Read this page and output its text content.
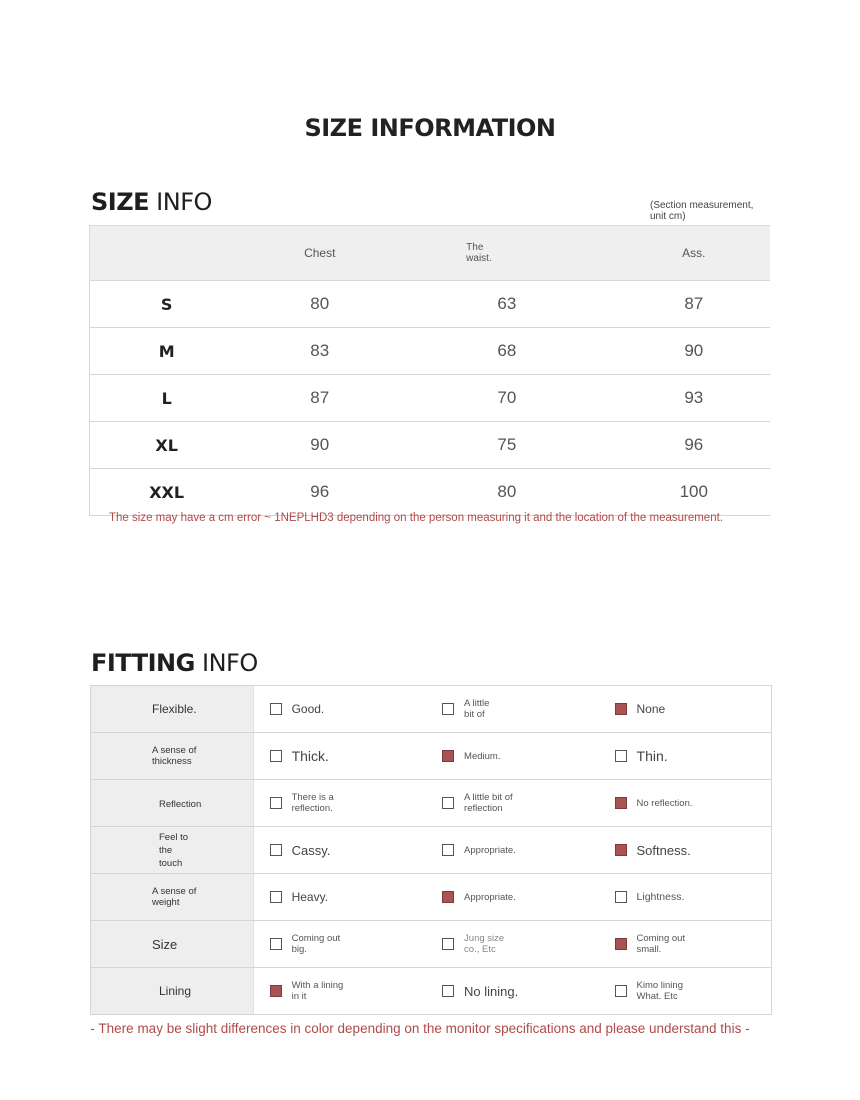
SIZE INFORMATION
SIZE INFO	(Section measurement, unit cm)
	Chest	The waist.	Ass.
S	80	63	87
M	83	68	90
L	87	70	93
XL	90	75	96
XXL	96	80	100
The size may have a cm error ~ 1NEPLHD3 depending on the person measuring it and the location of the measurement.
FITTING INFO
Flexible.	Good.	A little bit of	None

A sense of thickness	Thick.	Medium.	Thin.

Reflection	There is a reflection.	A little bit of reflection	No reflection.

Feel to the touch	Cassy.	Appropriate.	Softness.

A sense of weight	Heavy.	Appropriate.	Lightness.

Size	Coming out big.	Jung size co., Etc	Coming out small.

Lining	With a lining in it	No lining.	Kimo lining What. Etc
- There may be slight differences in color depending on the monitor specifications and please understand this -
